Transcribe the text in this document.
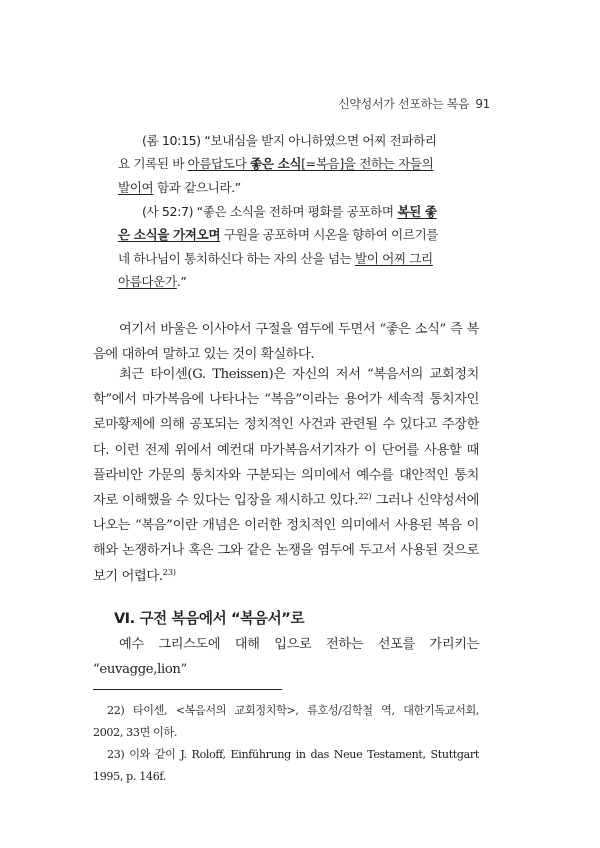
신약성서가 선포하는 복음 91

(롬 10:15) “보내심을 받지 아니하였으면 어찌 전파하리요 기록된 바 아름답도다 좋은 소식[=복음]을 전하는 자들의 발이여 함과 같으니라.”

(사 52:7) “좋은 소식을 전하며 평화를 공포하며 복된 좋은 소식을 가져오며 구원을 공포하며 시온을 향하여 이르기를 네 하나님이 통치하신다 하는 자의 산을 넘는 발이 어찌 그리 아름다운가.”

여기서 바울은 이사야서 구절을 염두에 두면서 “좋은 소식” 즉 복음에 대하여 말하고 있는 것이 확실하다.

최근 타이센(G. Theissen)은 자신의 저서 “복음서의 교회정치학”에서 마가복음에 나타나는 “복음”이라는 용어가 세속적 통치자인 로마황제에 의해 공포되는 정치적인 사건과 관련될 수 있다고 주장한다. 이런 전제 위에서 예컨대 마가복음서기자가 이 단어를 사용할 때 플라비안 가문의 통치자와 구분되는 의미에서 예수를 대안적인 통치자로 이해했을 수 있다는 입장을 제시하고 있다.$^{22)}$ 그러나 신약성서에 나오는 “복음”이란 개념은 이러한 정치적인 의미에서 사용된 복음 이해와 논쟁하거나 혹은 그와 같은 논쟁을 염두에 두고서 사용된 것으로 보기 어렵다.$^{23)}$

Ⅵ. 구전 복음에서 “복음서”로

예수 그리스도에 대해 입으로 전하는 선포를 가리키는 “euvagge,lion”

22) 타이센, <복음서의 교회정치학>, 류호성/김학철 역, 대한기독교서회, 2002, 33면 이하.

23) 이와 같이 J. Roloff, Einführung in das Neue Testament, Stuttgart 1995, p. 146f.
